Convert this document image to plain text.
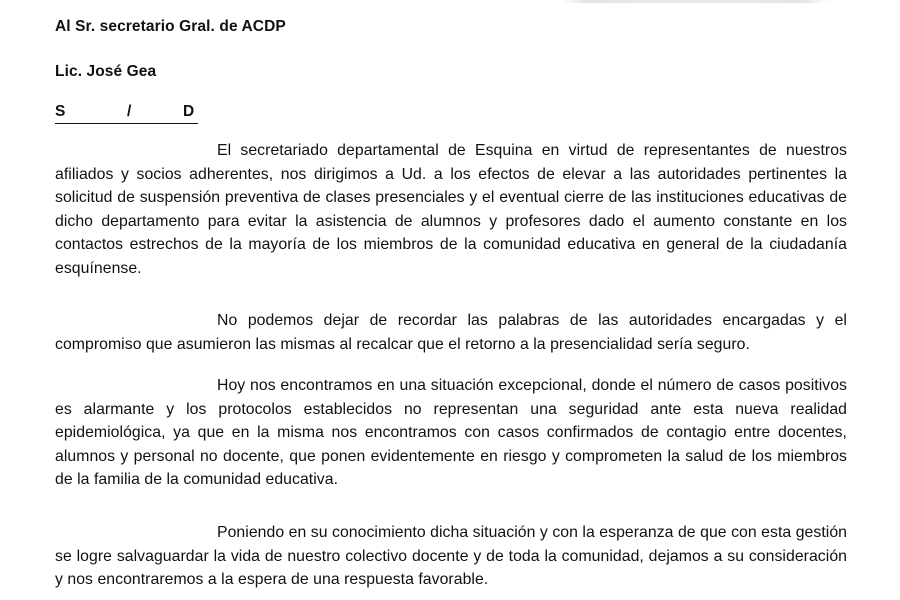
Al Sr. secretario Gral. de ACDP
Lic. José Gea
S	/	D

El secretariado departamental de Esquina en virtud de representantes de nuestros afiliados y socios adherentes, nos dirigimos a Ud. a los efectos de elevar a las autoridades pertinentes la solicitud de suspensión preventiva de clases presenciales y el eventual cierre de las instituciones educativas de dicho departamento para evitar la asistencia de alumnos y profesores dado el aumento constante en los contactos estrechos de la mayoría de los miembros de la comunidad educativa en general de la ciudadanía esquínense.

No podemos dejar de recordar las palabras de las autoridades encargadas y el compromiso que asumieron las mismas al recalcar que el retorno a la presencialidad sería seguro.

Hoy nos encontramos en una situación excepcional, donde el número de casos positivos es alarmante y los protocolos establecidos no representan una seguridad ante esta nueva realidad epidemiológica, ya que en la misma nos encontramos con casos confirmados de contagio entre docentes, alumnos y personal no docente, que ponen evidentemente en riesgo y comprometen la salud de los miembros de la familia de la comunidad educativa.

Poniendo en su conocimiento dicha situación y con la esperanza de que con esta gestión se logre salvaguardar la vida de nuestro colectivo docente y de toda la comunidad, dejamos a su consideración y nos encontraremos a la espera de una respuesta favorable.
